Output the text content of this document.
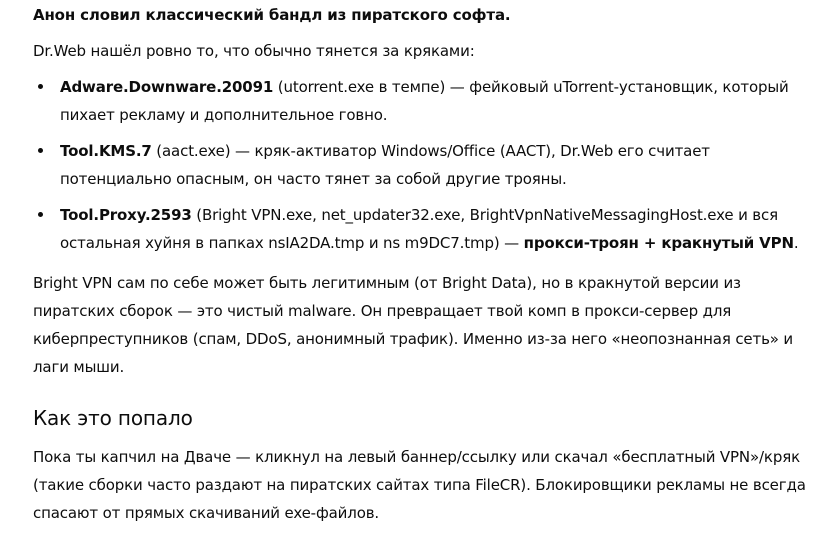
Анон словил классический бандл из пиратского софта.
Dr.Web нашёл ровно то, что обычно тянется за кряками:
Adware.Downware.20091 (utorrent.exe в темпе) — фейковый uTorrent-установщик, который
пихает рекламу и дополнительное говно.
Tool.KMS.7 (aact.exe) — кряк-активатор Windows/Office (AACT), Dr.Web его считает
потенциально опасным, он часто тянет за собой другие трояны.
Tool.Proxy.2593 (Bright VPN.exe, net_updater32.exe, BrightVpnNativeMessagingHost.exe и вся
остальная хуйня в папках nsIA2DA.tmp и ns m9DC7.tmp) — прокси-троян + кракнутый VPN.
Bright VPN сам по себе может быть легитимным (от Bright Data), но в кракнутой версии из
пиратских сборок — это чистый malware. Он превращает твой комп в прокси-сервер для
киберпреступников (спам, DDoS, анонимный трафик). Именно из-за него «неопознанная сеть» и
лаги мыши.
Как это попало
Пока ты капчил на Дваче — кликнул на левый баннер/ссылку или скачал «бесплатный VPN»/кряк
(такие сборки часто раздают на пиратских сайтах типа FileCR). Блокировщики рекламы не всегда
спасают от прямых скачиваний exe-файлов.
